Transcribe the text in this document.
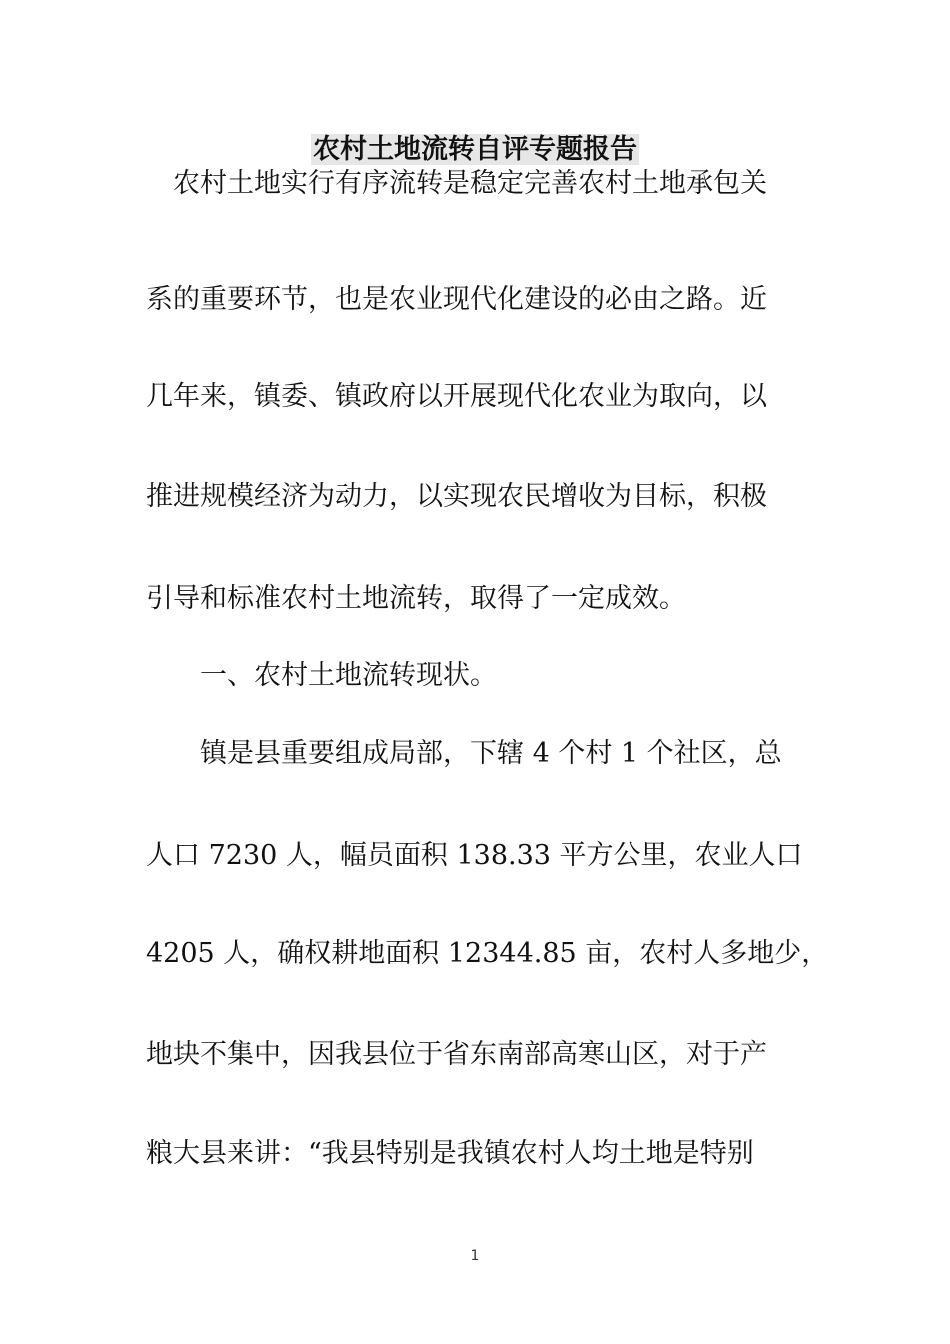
农村土地流转自评专题报告
　农村土地实行有序流转是稳定完善农村土地承包关
系的重要环节，也是农业现代化建设的必由之路。近
几年来，镇委、镇政府以开展现代化农业为取向，以
推进规模经济为动力，以实现农民增收为目标，积极
引导和标准农村土地流转，取得了一定成效。
　　一、农村土地流转现状。
　　镇是县重要组成局部，下辖 4 个村 1 个社区，总
人口 7230 人，幅员面积 138.33 平方公里，农业人口
4205 人，确权耕地面积 12344.85 亩，农村人多地少，
地块不集中，因我县位于省东南部高寒山区，对于产
粮大县来讲：“我县特别是我镇农村人均土地是特别
1
